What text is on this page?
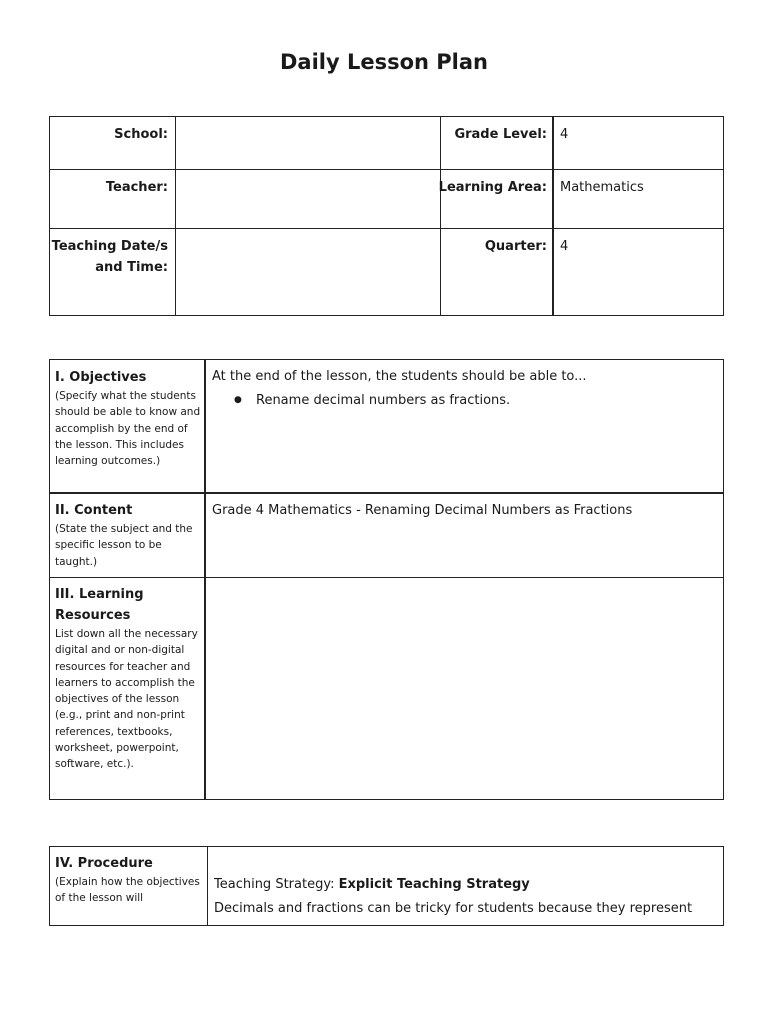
Daily Lesson Plan
School:	Grade Level: 4
Teacher:	Learning Area: Mathematics
Teaching Date/s
and Time:
Quarter: 4
I. Objectives
(Specify what the students should be able to know and accomplish by the end of the lesson. This includes learning outcomes.)
At the end of the lesson, the students should be able to...
● Rename decimal numbers as fractions.
II. Content
(State the subject and the specific lesson to be taught.)
Grade 4 Mathematics - Renaming Decimal Numbers as Fractions
III. Learning Resources
List down all the necessary digital and or non-digital resources for teacher and learners to accomplish the objectives of the lesson (e.g., print and non-print references, textbooks, worksheet, powerpoint, software, etc.).
IV. Procedure
(Explain how the objectives of the lesson will
Teaching Strategy: Explicit Teaching Strategy
Decimals and fractions can be tricky for students because they represent
